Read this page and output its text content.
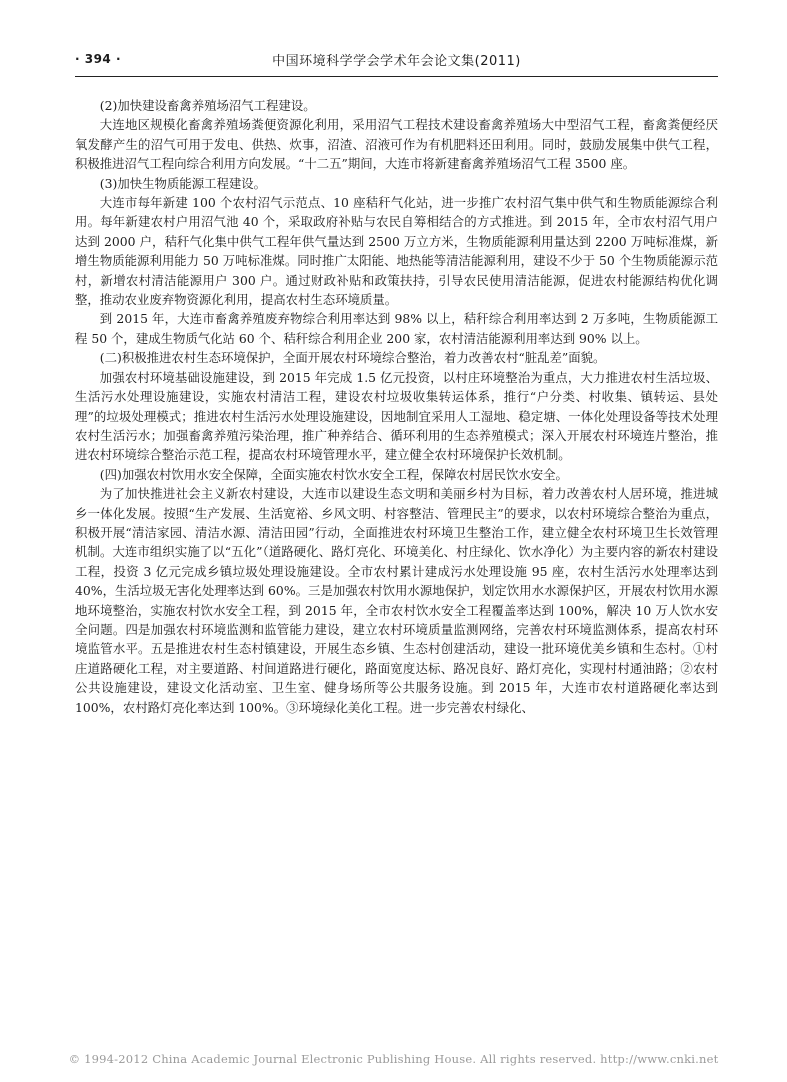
· 394 ·	中国环境科学学会学术年会论文集(2011)

(2)加快建设畜禽养殖场沼气工程建设。

大连地区规模化畜禽养殖场粪便资源化利用，采用沼气工程技术建设畜禽养殖场大中型沼气工程，畜禽粪便经厌氧发酵产生的沼气可用于发电、供热、炊事，沼渣、沼液可作为有机肥料还田利用。同时，鼓励发展集中供气工程，积极推进沼气工程向综合利用方向发展。“十二五”期间，大连市将新建畜禽养殖场沼气工程 3500 座。

(3)加快生物质能源工程建设。

大连市每年新建 100 个农村沼气示范点、10 座秸秆气化站，进一步推广农村沼气集中供气和生物质能源综合利用。每年新建农村户用沼气池 40 个，采取政府补贴与农民自筹相结合的方式推进。到 2015 年，全市农村沼气用户达到 2000 户，秸秆气化集中供气工程年供气量达到 2500 万立方米，生物质能源利用量达到 2200 万吨标准煤，新增生物质能源利用能力 50 万吨标准煤。同时推广太阳能、地热能等清洁能源利用，建设不少于 50 个生物质能源示范村，新增农村清洁能源用户 300 户。通过财政补贴和政策扶持，引导农民使用清洁能源，促进农村能源结构优化调整，推动农业废弃物资源化利用，提高农村生态环境质量。

到 2015 年，大连市畜禽养殖废弃物综合利用率达到 98% 以上，秸秆综合利用率达到 2 万多吨，生物质能源工程 50 个，建成生物质气化站 60 个、秸秆综合利用企业 200 家，农村清洁能源利用率达到 90% 以上。

(二)积极推进农村生态环境保护，全面开展农村环境综合整治，着力改善农村“脏乱差”面貌。

加强农村环境基础设施建设，到 2015 年完成 1.5 亿元投资，以村庄环境整治为重点，大力推进农村生活垃圾、生活污水处理设施建设，实施农村清洁工程，建设农村垃圾收集转运体系，推行“户分类、村收集、镇转运、县处理”的垃圾处理模式；推进农村生活污水处理设施建设，因地制宜采用人工湿地、稳定塘、一体化处理设备等技术处理农村生活污水；加强畜禽养殖污染治理，推广种养结合、循环利用的生态养殖模式；深入开展农村环境连片整治，推进农村环境综合整治示范工程，提高农村环境管理水平，建立健全农村环境保护长效机制。

(四)加强农村饮用水安全保障，全面实施农村饮水安全工程，保障农村居民饮水安全。

为了加快推进社会主义新农村建设，大连市以建设生态文明和美丽乡村为目标，着力改善农村人居环境，推进城乡一体化发展。按照“生产发展、生活宽裕、乡风文明、村容整洁、管理民主”的要求，以农村环境综合整治为重点，积极开展“清洁家园、清洁水源、清洁田园”行动，全面推进农村环境卫生整治工作，建立健全农村环境卫生长效管理机制。大连市组织实施了以“五化”（道路硬化、路灯亮化、环境美化、村庄绿化、饮水净化）为主要内容的新农村建设工程，投资 3 亿元完成乡镇垃圾处理设施建设。全市农村累计建成污水处理设施 95 座，农村生活污水处理率达到 40%，生活垃圾无害化处理率达到 60%。三是加强农村饮用水源地保护，划定饮用水水源保护区，开展农村饮用水源地环境整治，实施农村饮水安全工程，到 2015 年，全市农村饮水安全工程覆盖率达到 100%，解决 10 万人饮水安全问题。四是加强农村环境监测和监管能力建设，建立农村环境质量监测网络，完善农村环境监测体系，提高农村环境监管水平。五是推进农村生态村镇建设，开展生态乡镇、生态村创建活动，建设一批环境优美乡镇和生态村。①村庄道路硬化工程，对主要道路、村间道路进行硬化，路面宽度达标、路况良好、路灯亮化，实现村村通油路；②农村公共设施建设，建设文化活动室、卫生室、健身场所等公共服务设施。到 2015 年，大连市农村道路硬化率达到 100%，农村路灯亮化率达到 100%。③环境绿化美化工程。进一步完善农村绿化、

© 1994-2012 China Academic Journal Electronic Publishing House. All rights reserved. http://www.cnki.net
